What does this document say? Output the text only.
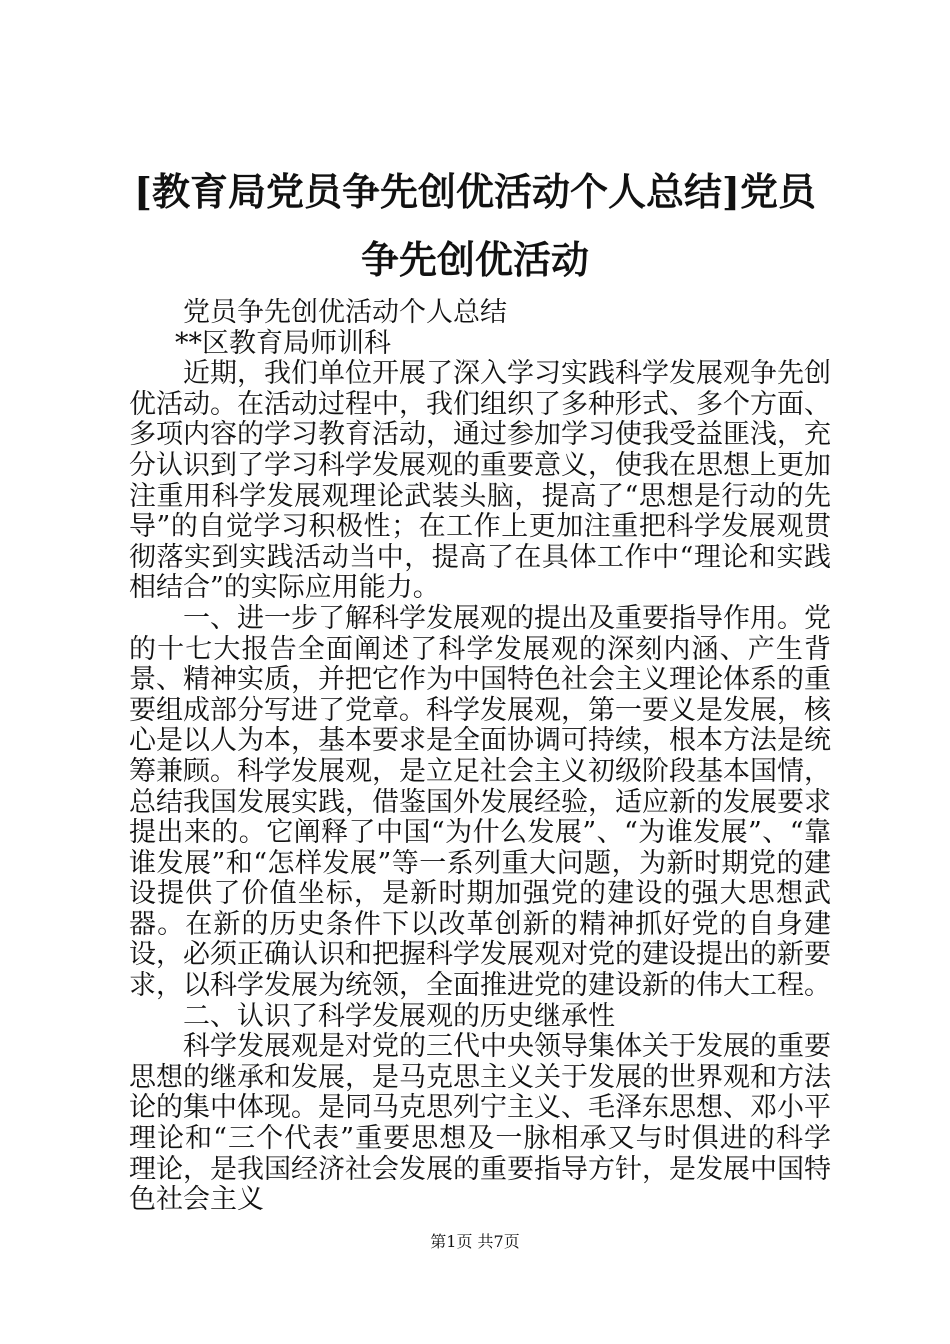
[教育局党员争先创优活动个人总结]党员争先创优活动

党员争先创优活动个人总结

**区教育局师训科

近期，我们单位开展了深入学习实践科学发展观争先创优活动。在活动过程中，我们组织了多种形式、多个方面、多项内容的学习教育活动，通过参加学习使我受益匪浅，充分认识到了学习科学发展观的重要意义，使我在思想上更加注重用科学发展观理论武装头脑，提高了“思想是行动的先导”的自觉学习积极性；在工作上更加注重把科学发展观贯彻落实到实践活动当中，提高了在具体工作中“理论和实践相结合”的实际应用能力。

一、进一步了解科学发展观的提出及重要指导作用。党的十七大报告全面阐述了科学发展观的深刻内涵、产生背景、精神实质，并把它作为中国特色社会主义理论体系的重要组成部分写进了党章。科学发展观，第一要义是发展，核心是以人为本，基本要求是全面协调可持续，根本方法是统筹兼顾。科学发展观，是立足社会主义初级阶段基本国情，总结我国发展实践，借鉴国外发展经验，适应新的发展要求提出来的。它阐释了中国“为什么发展”、“为谁发展”、“靠谁发展”和“怎样发展”等一系列重大问题，为新时期党的建设提供了价值坐标，是新时期加强党的建设的强大思想武器。在新的历史条件下以改革创新的精神抓好党的自身建设，必须正确认识和把握科学发展观对党的建设提出的新要求，以科学发展为统领，全面推进党的建设新的伟大工程。

二、认识了科学发展观的历史继承性

科学发展观是对党的三代中央领导集体关于发展的重要思想的继承和发展，是马克思主义关于发展的世界观和方法论的集中体现。是同马克思列宁主义、毛泽东思想、邓小平理论和“三个代表”重要思想及一脉相承又与时俱进的科学理论，是我国经济社会发展的重要指导方针，是发展中国特色社会主义

第1页 共7页
